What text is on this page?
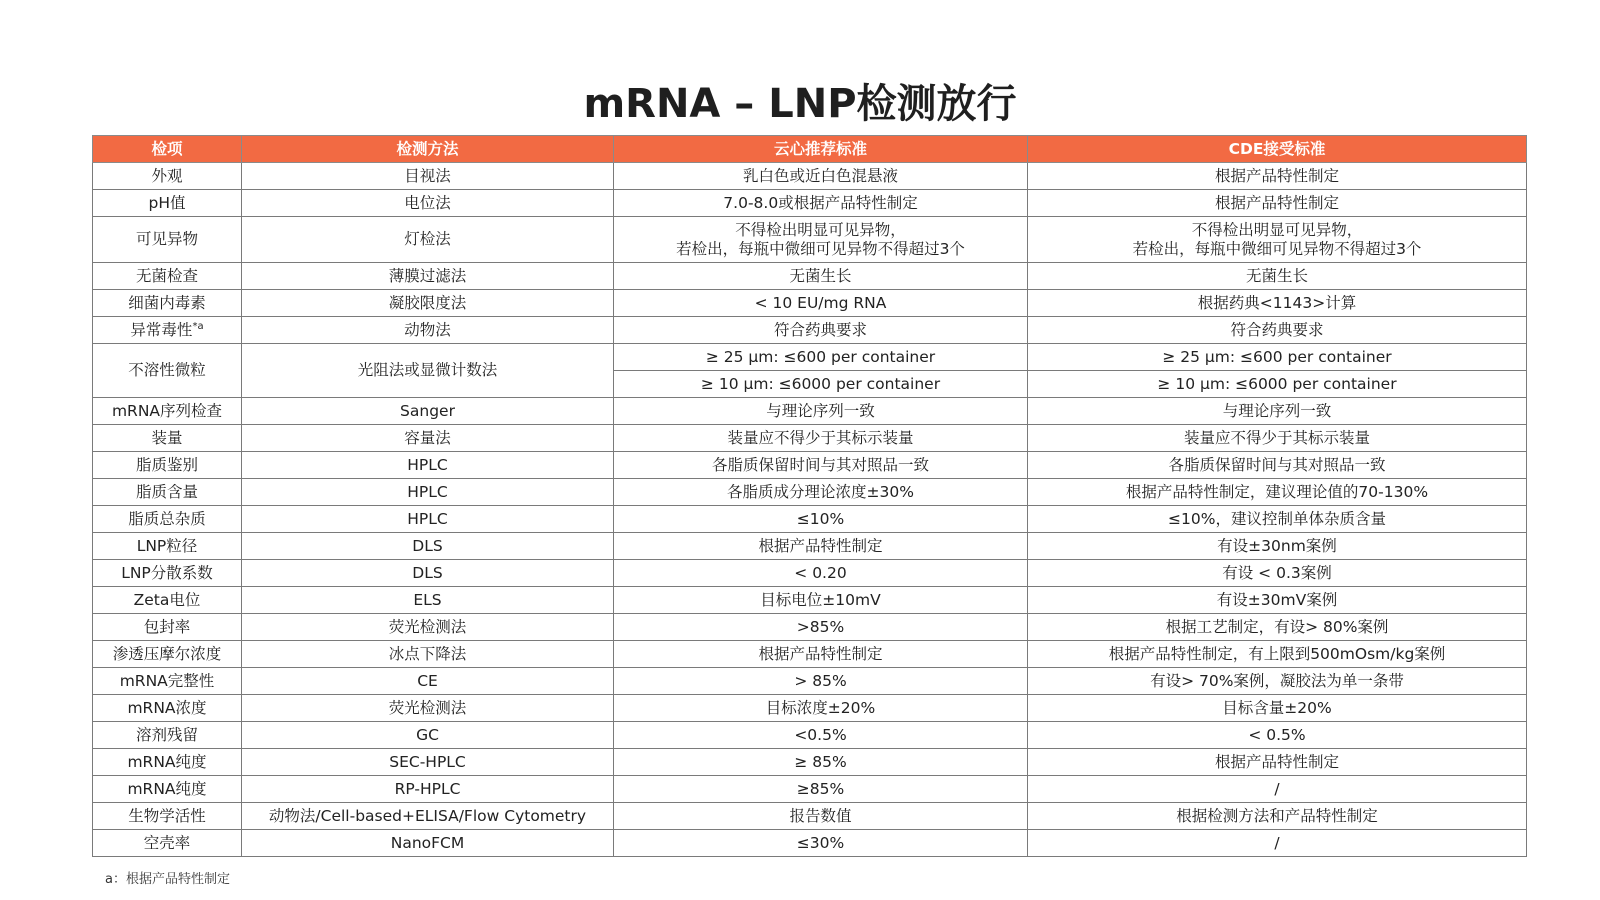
mRNA – LNP检测放行
检项	检测方法	云心推荐标准	CDE接受标准
外观	目视法	乳白色或近白色混悬液	根据产品特性制定
pH值	电位法	7.0-8.0或根据产品特性制定	根据产品特性制定
可见异物	灯检法	不得检出明显可见异物，
若检出，每瓶中微细可见异物不得超过3个	不得检出明显可见异物，
若检出，每瓶中微细可见异物不得超过3个
无菌检查	薄膜过滤法	无菌生长	无菌生长
细菌内毒素	凝胶限度法	< 10 EU/mg RNA	根据药典<1143>计算
异常毒性$^{*a}$	动物法	符合药典要求	符合药典要求
不溶性微粒	光阻法或显微计数法	≥ 25 μm: ≤600 per container	≥ 25 μm: ≤600 per container
		≥ 10 μm: ≤6000 per container	≥ 10 μm: ≤6000 per container
mRNA序列检查	Sanger	与理论序列一致	与理论序列一致
装量	容量法	装量应不得少于其标示装量	装量应不得少于其标示装量
脂质鉴别	HPLC	各脂质保留时间与其对照品一致	各脂质保留时间与其对照品一致
脂质含量	HPLC	各脂质成分理论浓度±30%	根据产品特性制定，建议理论值的70-130%
脂质总杂质	HPLC	≤10%	≤10%，建议控制单体杂质含量
LNP粒径	DLS	根据产品特性制定	有设±30nm案例
LNP分散系数	DLS	< 0.20	有设 < 0.3案例
Zeta电位	ELS	目标电位±10mV	有设±30mV案例
包封率	荧光检测法	>85%	根据工艺制定，有设> 80%案例
渗透压摩尔浓度	冰点下降法	根据产品特性制定	根据产品特性制定，有上限到500mOsm/kg案例
mRNA完整性	CE	> 85%	有设> 70%案例，凝胶法为单一条带
mRNA浓度	荧光检测法	目标浓度±20%	目标含量±20%
溶剂残留	GC	<0.5%	< 0.5%
mRNA纯度	SEC-HPLC	≥ 85%	根据产品特性制定
mRNA纯度	RP-HPLC	≥85%	/
生物学活性	动物法/Cell-based+ELISA/Flow Cytometry	报告数值	根据检测方法和产品特性制定
空壳率	NanoFCM	≤30%	/
a：根据产品特性制定
